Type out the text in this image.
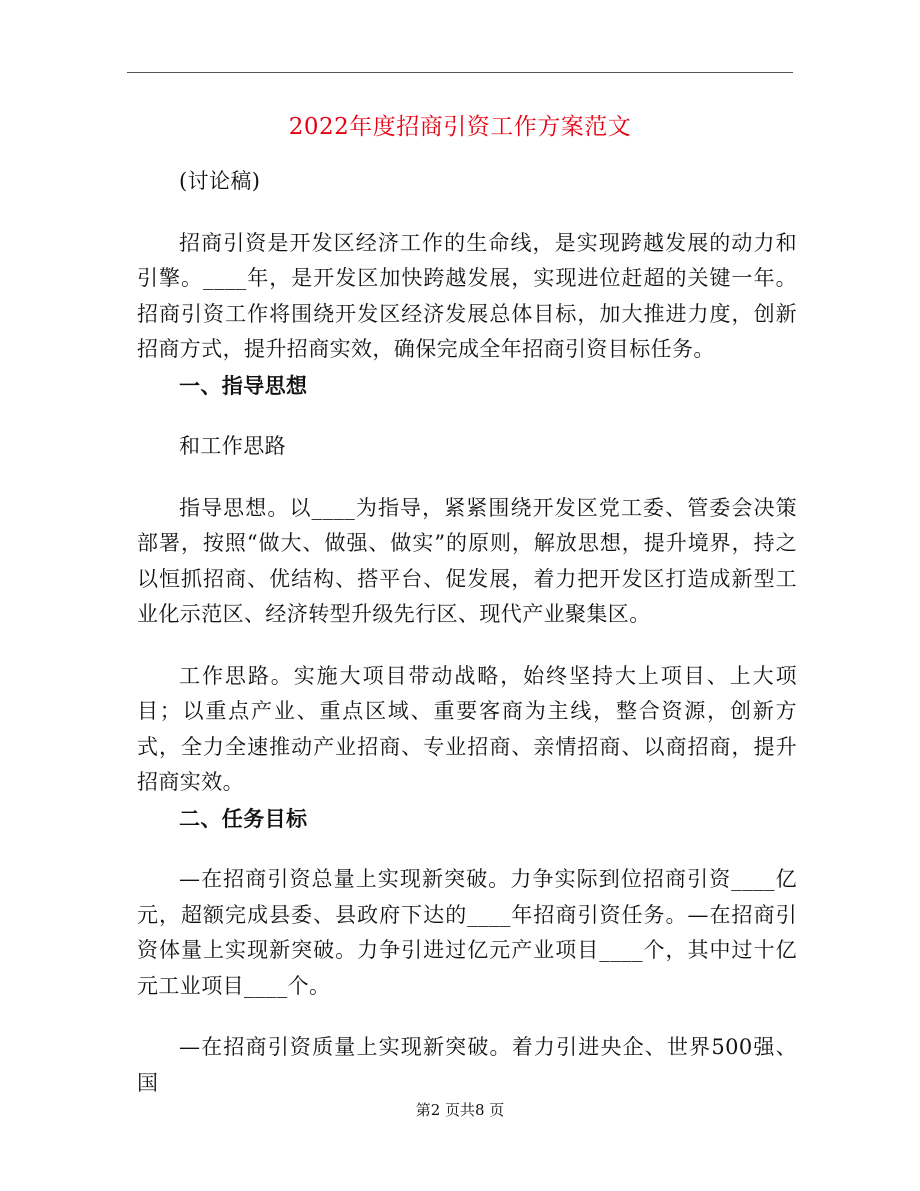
2022年度招商引资工作方案范文

(讨论稿)

招商引资是开发区经济工作的生命线，是实现跨越发展的动力和引擎。____年，是开发区加快跨越发展，实现进位赶超的关键一年。招商引资工作将围绕开发区经济发展总体目标，加大推进力度，创新招商方式，提升招商实效，确保完成全年招商引资目标任务。

一、指导思想

和工作思路

指导思想。以____为指导，紧紧围绕开发区党工委、管委会决策部署，按照“做大、做强、做实”的原则，解放思想，提升境界，持之以恒抓招商、优结构、搭平台、促发展，着力把开发区打造成新型工业化示范区、经济转型升级先行区、现代产业聚集区。

工作思路。实施大项目带动战略，始终坚持大上项目、上大项目；以重点产业、重点区域、重要客商为主线，整合资源，创新方式，全力全速推动产业招商、专业招商、亲情招商、以商招商，提升招商实效。

二、任务目标

—在招商引资总量上实现新突破。力争实际到位招商引资____亿元，超额完成县委、县政府下达的____年招商引资任务。—在招商引资体量上实现新突破。力争引进过亿元产业项目____个，其中过十亿元工业项目____个。

—在招商引资质量上实现新突破。着力引进央企、世界500强、国

第2 页共8 页
